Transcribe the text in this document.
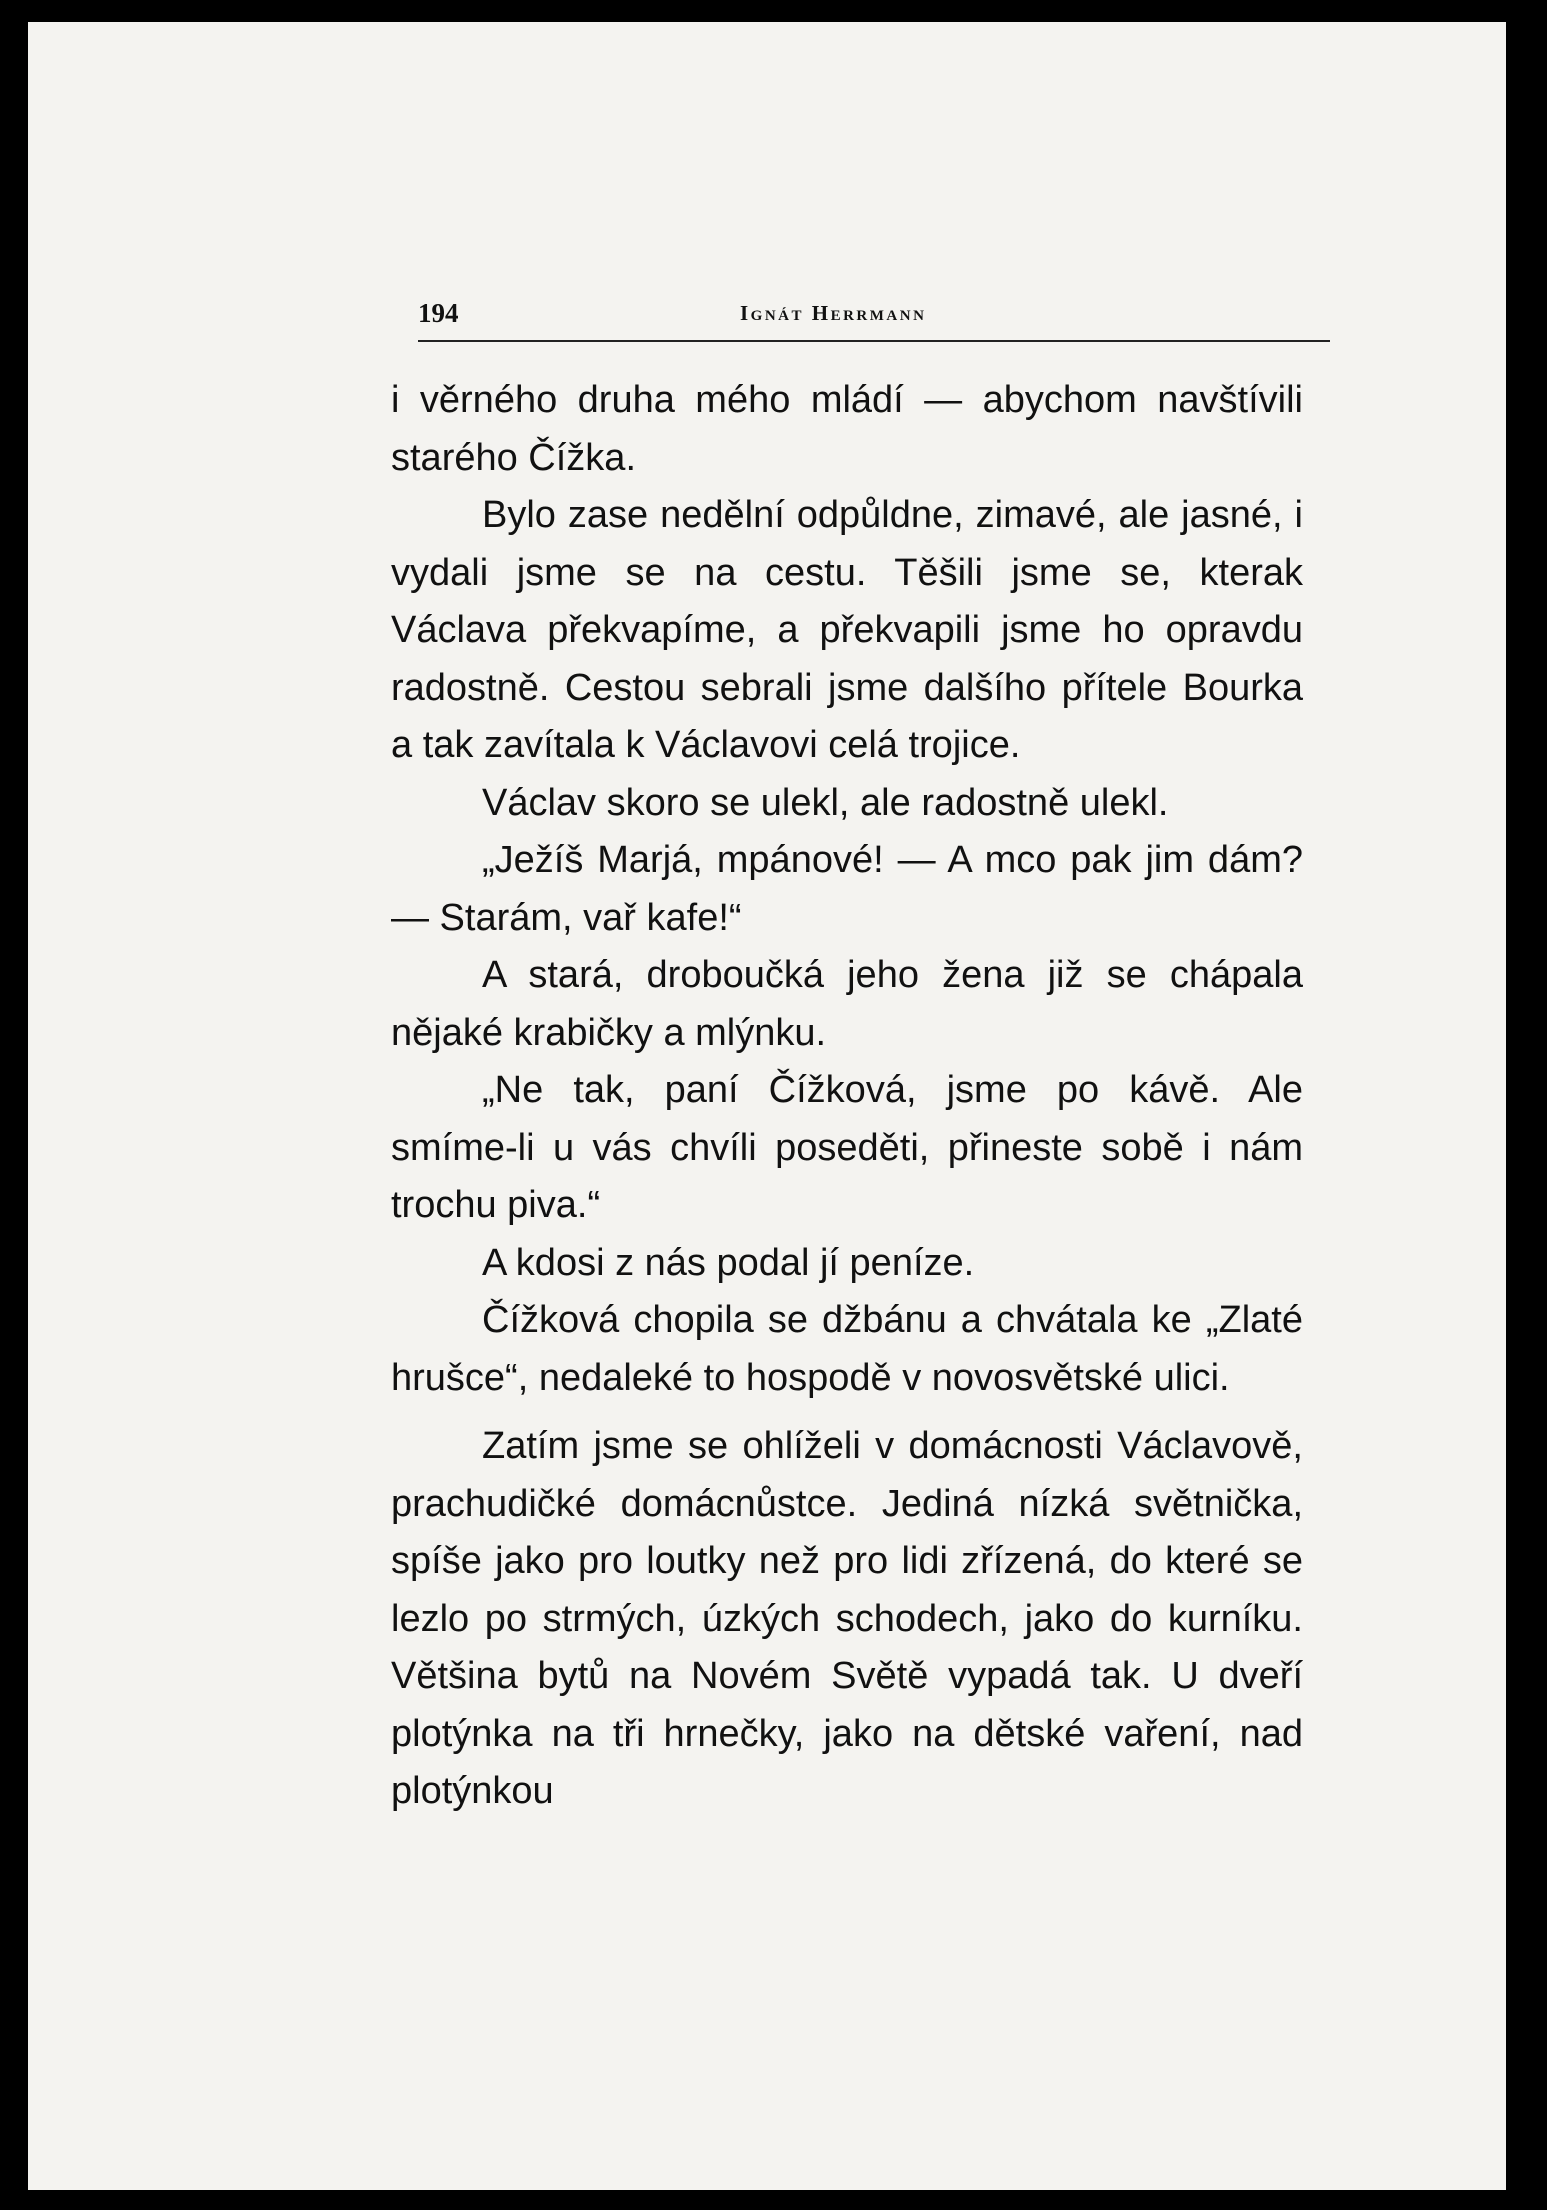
194	Ignát Herrmann

i věrného druha mého mládí — abychom navštívili starého Čížka.

Bylo zase nedělní odpůldne, zimavé, ale jasné, i vydali jsme se na cestu. Těšili jsme se, kterak Václava překvapíme, a překvapili jsme ho opravdu radostně. Cestou sebrali jsme dalšího přítele Bourka a tak zavítala k Václavovi celá trojice.

Václav skoro se ulekl, ale radostně ulekl.

„Ježíš Marjá, mpánové! — A mco pak jim dám? — Starám, vař kafe!“

A stará, droboučká jeho žena již se chápala nějaké krabičky a mlýnku.

„Ne tak, paní Čížková, jsme po kávě. Ale smíme-li u vás chvíli poseděti, přineste sobě i nám trochu piva.“

A kdosi z nás podal jí peníze.

Čížková chopila se džbánu a chvátala ke „Zlaté hrušce“, nedaleké to hospodě v novosvětské ulici.

Zatím jsme se ohlíželi v domácnosti Václavově, prachudičké domácnůstce. Jediná nízká světnička, spíše jako pro loutky než pro lidi zřízená, do které se lezlo po strmých, úzkých schodech, jako do kurníku. Většina bytů na Novém Světě vypadá tak. U dveří plotýnka na tři hrnečky, jako na dětské vaření, nad plotýnkou
